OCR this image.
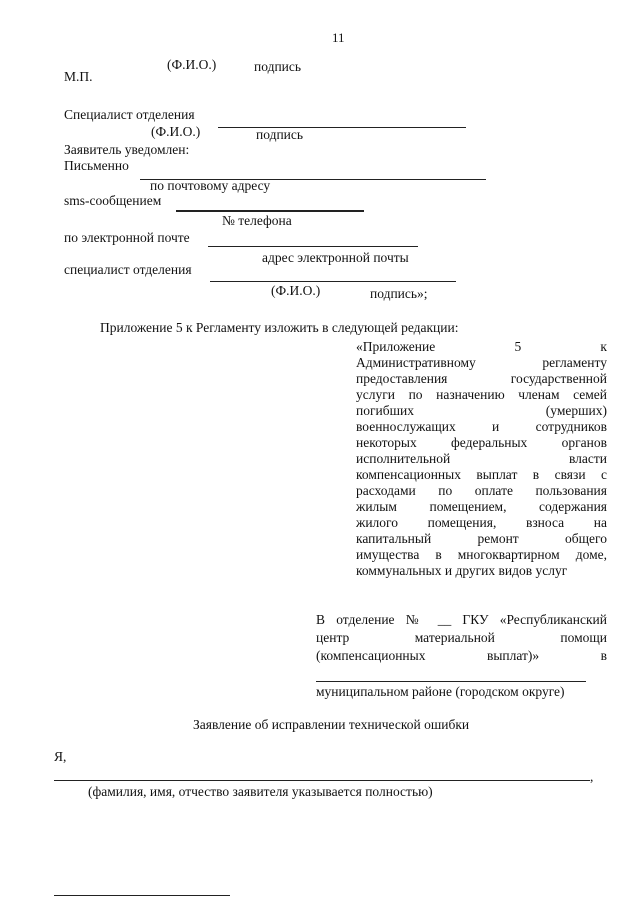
11
(Ф.И.О.)	подпись
М.П.
Специалист отделения
(Ф.И.О.)	подпись
Заявитель уведомлен:
Письменно
по почтовому адресу
sms-сообщением
№ телефона
по электронной почте
адрес электронной почты
специалист отделения
(Ф.И.О.)	подпись»;
Приложение 5 к Регламенту изложить в следующей редакции:
«Приложение 5 к
Административному регламенту
предоставления государственной
услуги по назначению членам семей
погибших (умерших)
военнослужащих и сотрудников
некоторых федеральных органов
исполнительной власти
компенсационных выплат в связи с
расходами по оплате пользования
жилым помещением, содержания
жилого помещения, взноса на
капитальный ремонт общего
имущества в многоквартирном доме,
коммунальных и других видов услуг
В отделение № __ ГКУ «Республиканский
центр материальной помощи
(компенсационных выплат)» в
муниципальном районе (городском округе)
Заявление об исправлении технической ошибки
Я,
,
(фамилия, имя, отчество заявителя указывается полностью)
